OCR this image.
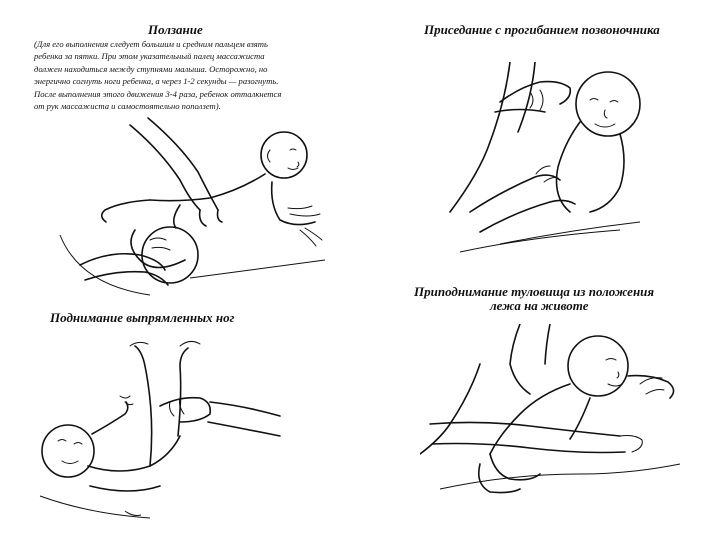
Ползание
(Для его выполнения следует большим и средним пальцем взять
ребенка за пятки. При этом указательный палец массажиста
должен находиться между ступнями малыша. Осторожно, но
энергично согнуть ноги ребенка, а через 1-2 секунды — разогнуть.
После выполнения этого движения 3-4 раза, ребенок отталкнется
от рук массажиста и самостоятельно поползет).
Приседание с прогибанием позвоночника
Поднимание выпрямленных ног
Приподнимание туловища из положения
лежа на животе
